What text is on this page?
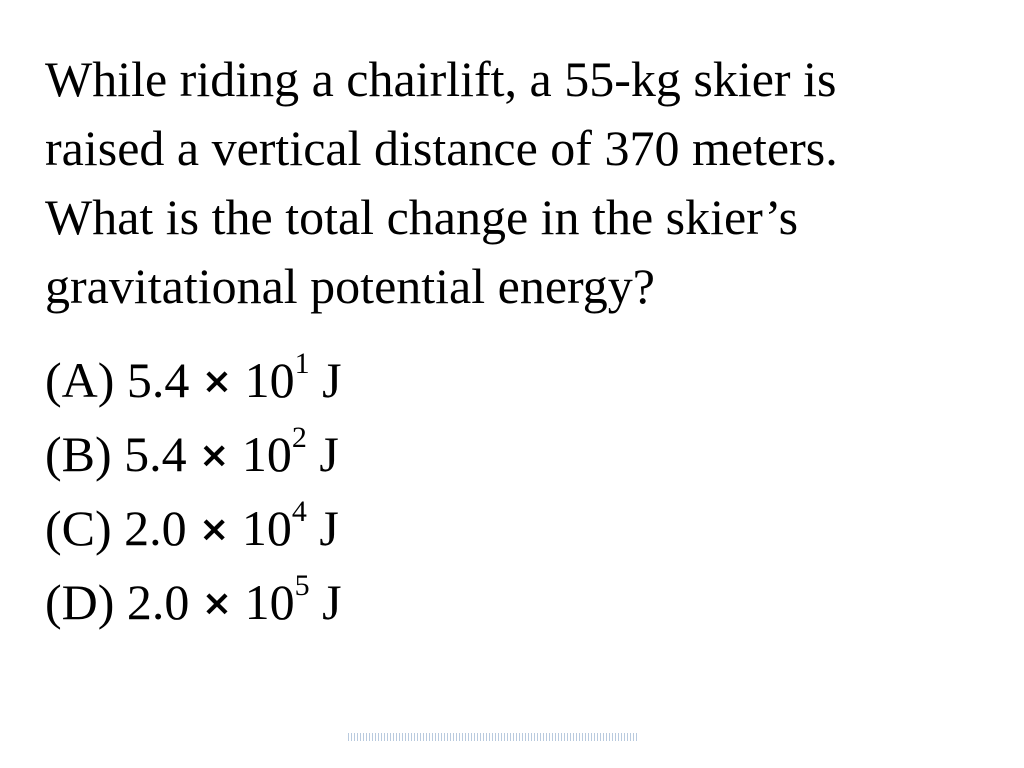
While riding a chairlift, a 55-kg skier is
raised a vertical distance of 370 meters.
What is the total change in the skier’s
gravitational potential energy?

(A) $5.4 \times 10^1$ J
(B) $5.4 \times 10^2$ J
(C) $2.0 \times 10^4$ J
(D) $2.0 \times 10^5$ J
